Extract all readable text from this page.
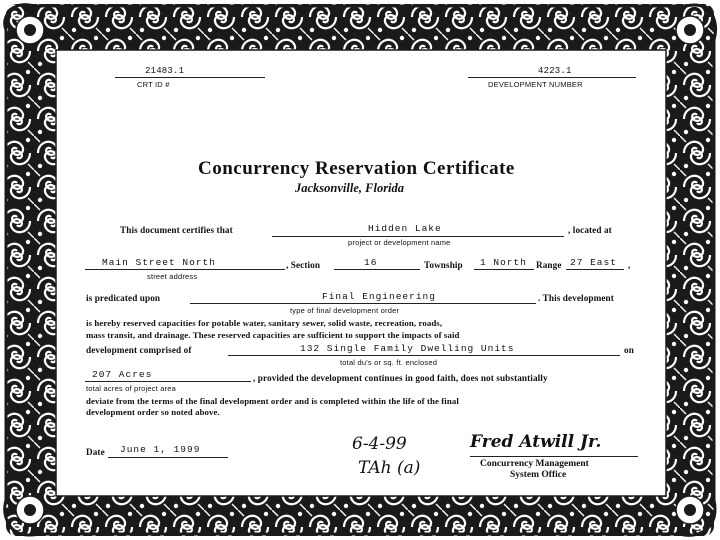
21483.1
CRT ID #
4223.1
DEVELOPMENT NUMBER
Concurrency Reservation Certificate
Jacksonville, Florida
This document certifies that	Hidden Lake	, located at
project or development name
Main Street North	, Section	16	Township 1 North Range 27 East ,
street address
is predicated upon	Final Engineering	. This development
type of final development order
is hereby reserved capacities for potable water, sanitary sewer, solid waste, recreation, roads,
mass transit, and drainage. These reserved capacities are sufficient to support the impacts of said
development comprised of	132 Single Family Dwelling Units	on
total du's or sq. ft. enclosed
207 Acres	, provided the development continues in good faith, does not substantially
total acres of project area
deviate from the terms of the final development order and is completed within the life of the final
development order so noted above.
Date June 1, 1999	6-4-99
TAh (a)
Fred Atwill Jr.
Concurrency Management
System Office
